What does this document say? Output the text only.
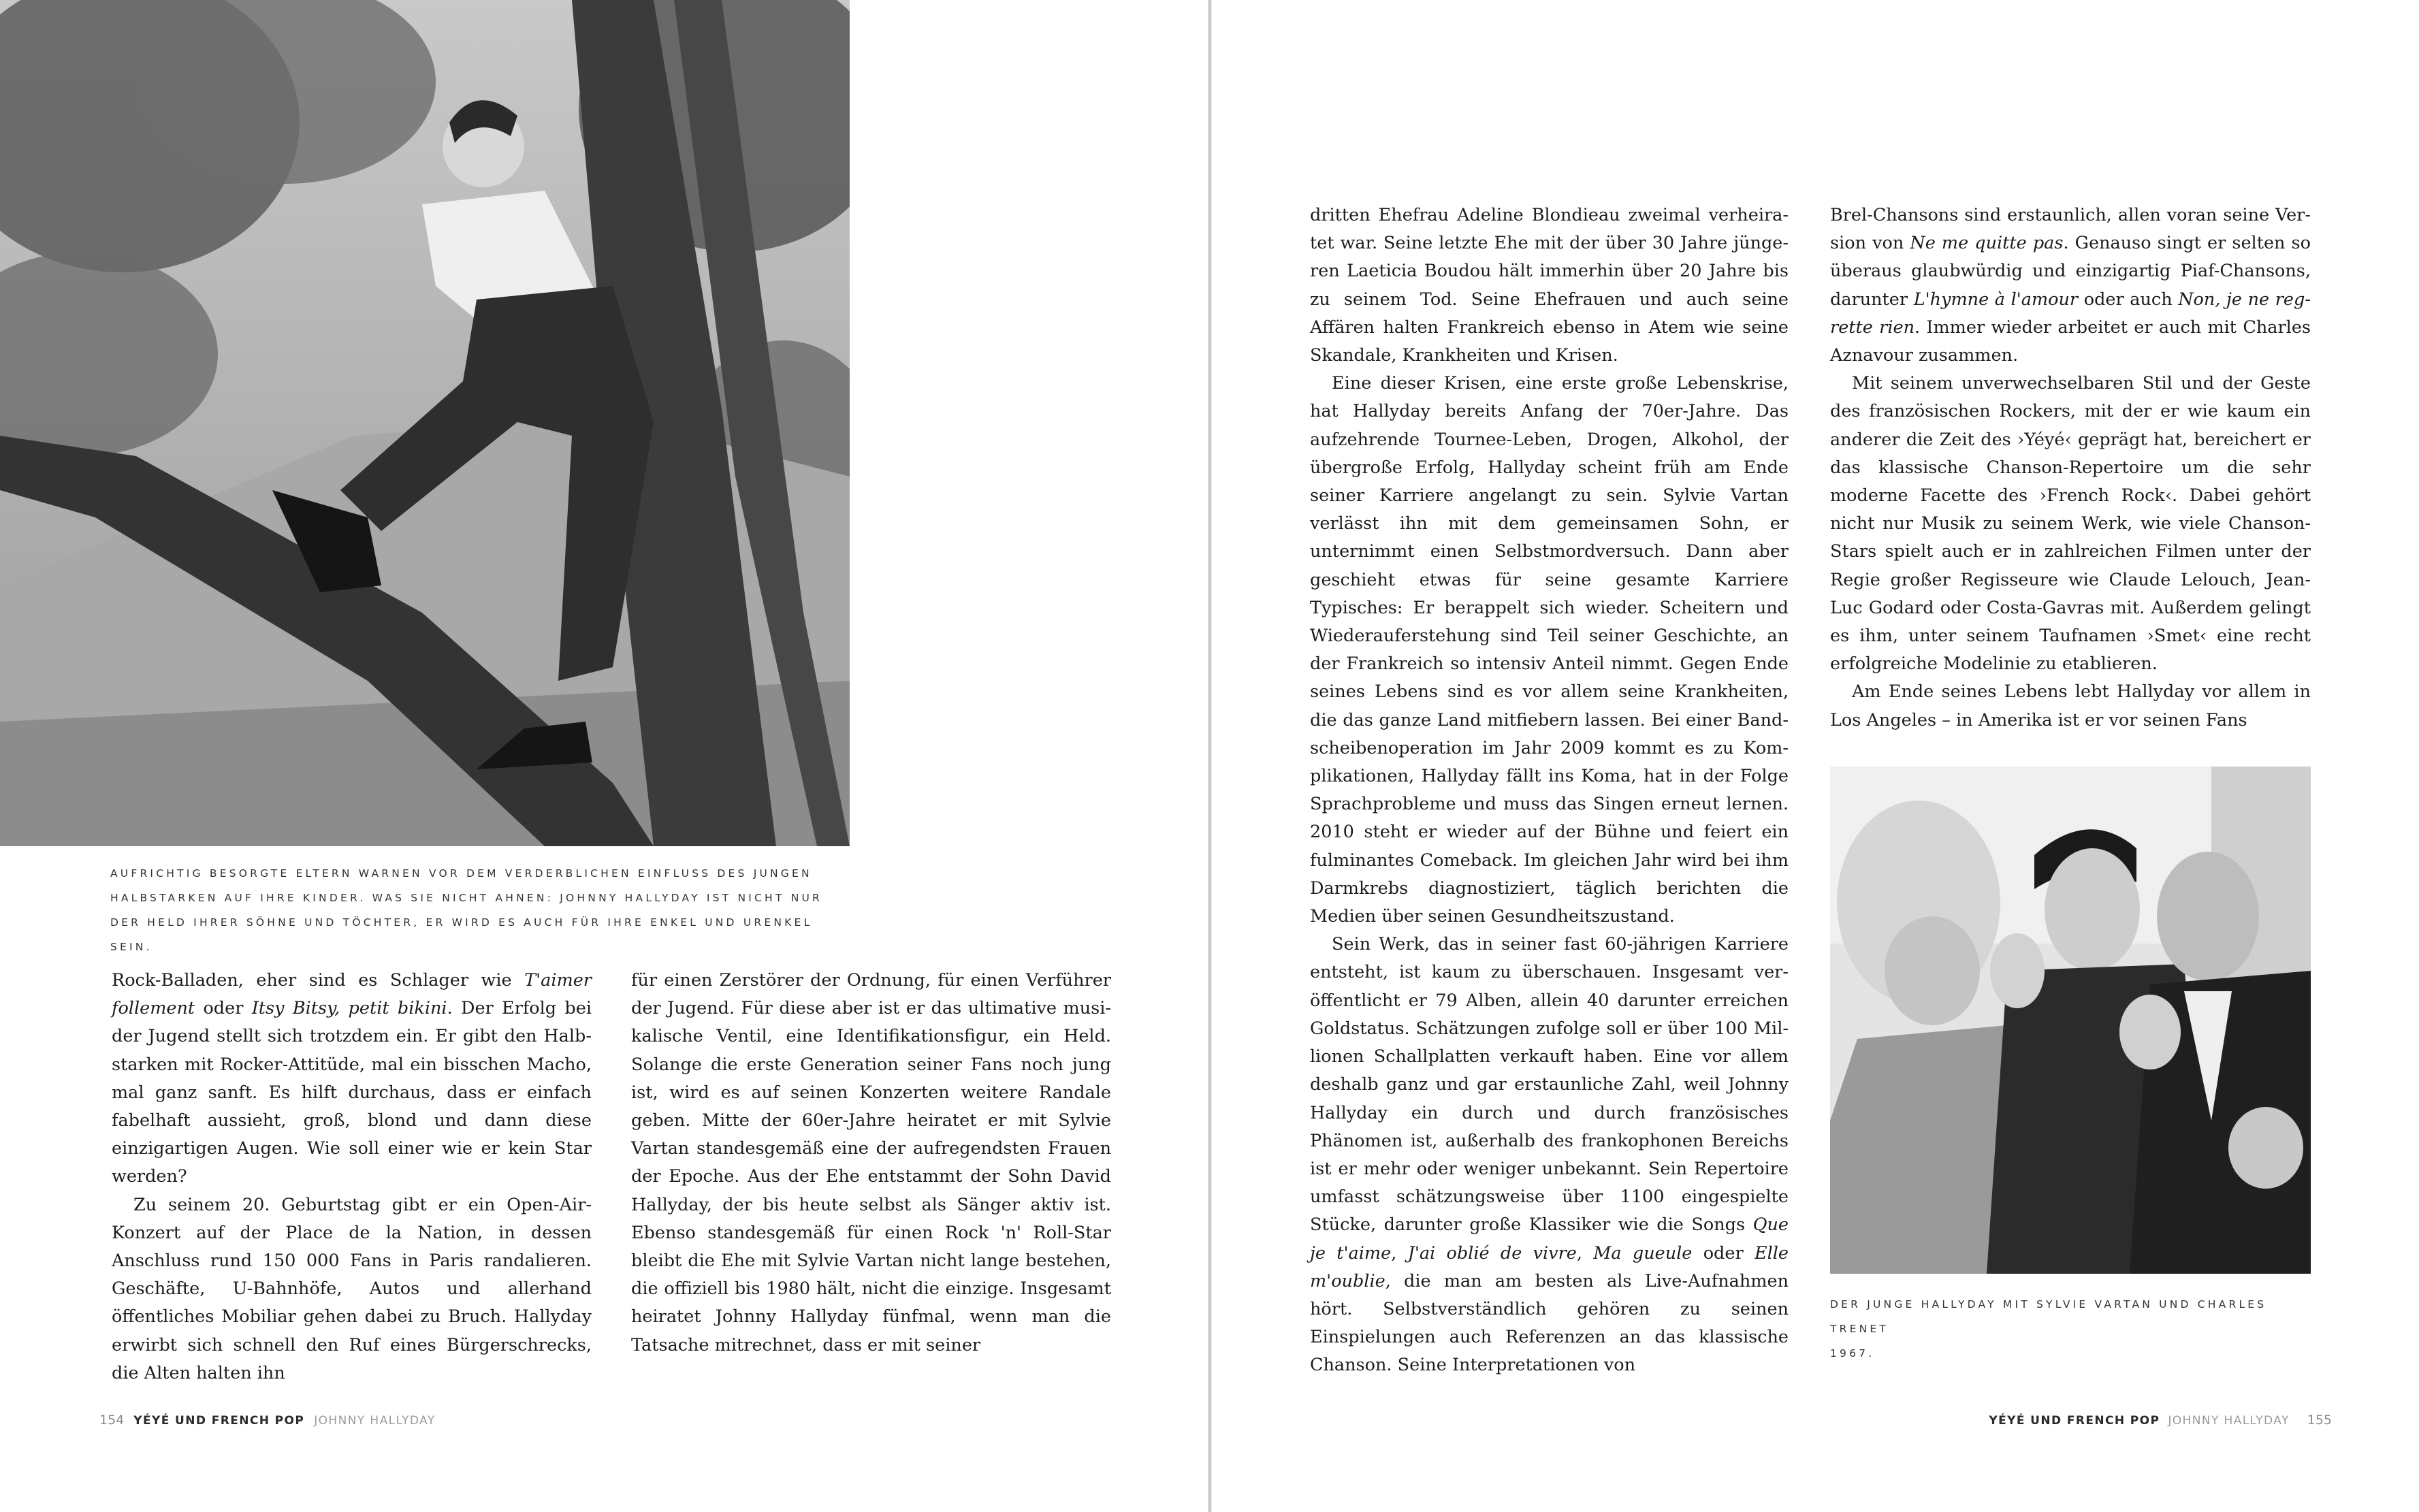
AUFRICHTIG BESORGTE ELTERN WARNEN VOR DEM VERDERBLICHEN EINFLUSS DES JUNGEN HALBSTARKEN AUF IHRE KINDER. WAS SIE NICHT AHNEN: JOHNNY HALLYDAY IST NICHT NUR DER HELD IHRER SÖHNE UND TÖCHTER, ER WIRD ES AUCH FÜR IHRE ENKEL UND URENKEL SEIN.

Rock-Balladen, eher sind es Schlager wie T'aimer follement oder Itsy Bitsy, petit bikini. Der Erfolg bei der Jugend stellt sich trotzdem ein. Er gibt den Halbstarken mit Rocker-Attitüde, mal ein bisschen Macho, mal ganz sanft. Es hilft durchaus, dass er einfach fabelhaft aussieht, groß, blond und dann diese einzigartigen Augen. Wie soll einer wie er kein Star werden?

Zu seinem 20. Geburtstag gibt er ein Open-Air-Konzert auf der Place de la Nation, in dessen Anschluss rund 150 000 Fans in Paris randalieren. Geschäfte, U-Bahnhöfe, Autos und allerhand öffentliches Mobiliar gehen dabei zu Bruch. Hallyday erwirbt sich schnell den Ruf eines Bürgerschrecks, die Alten halten ihn

für einen Zerstörer der Ordnung, für einen Verführer der Jugend. Für diese aber ist er das ultimative musikalische Ventil, eine Identifikationsfigur, ein Held. Solange die erste Generation seiner Fans noch jung ist, wird es auf seinen Konzerten weitere Randale geben. Mitte der 60er-Jahre heiratet er mit Sylvie Vartan standesgemäß eine der aufregendsten Frauen der Epoche. Aus der Ehe entstammt der Sohn David Hallyday, der bis heute selbst als Sänger aktiv ist. Ebenso standesgemäß für einen Rock 'n' Roll-Star bleibt die Ehe mit Sylvie Vartan nicht lange bestehen, die offiziell bis 1980 hält, nicht die einzige. Insgesamt heiratet Johnny Hallyday fünfmal, wenn man die Tatsache mitrechnet, dass er mit seiner

154 YÉYÉ UND FRENCH POP JOHNNY HALLYDAY

dritten Ehefrau Adeline Blondieau zweimal verheiratet war. Seine letzte Ehe mit der über 30 Jahre jüngeren Laeticia Boudou hält immerhin über 20 Jahre bis zu seinem Tod. Seine Ehefrauen und auch seine Affären halten Frankreich ebenso in Atem wie seine Skandale, Krankheiten und Krisen.

Eine dieser Krisen, eine erste große Lebenskrise, hat Hallyday bereits Anfang der 70er-Jahre. Das aufzehrende Tournee-Leben, Drogen, Alkohol, der übergroße Erfolg, Hallyday scheint früh am Ende seiner Karriere angelangt zu sein. Sylvie Vartan verlässt ihn mit dem gemeinsamen Sohn, er unternimmt einen Selbstmordversuch. Dann aber geschieht etwas für seine gesamte Karriere Typisches: Er berappelt sich wieder. Scheitern und Wiederauferstehung sind Teil seiner Geschichte, an der Frankreich so intensiv Anteil nimmt. Gegen Ende seines Lebens sind es vor allem seine Krankheiten, die das ganze Land mitfiebern lassen. Bei einer Bandscheibenoperation im Jahr 2009 kommt es zu Komplikationen, Hallyday fällt ins Koma, hat in der Folge Sprachprobleme und muss das Singen erneut lernen. 2010 steht er wieder auf der Bühne und feiert ein fulminantes Comeback. Im gleichen Jahr wird bei ihm Darmkrebs diagnostiziert, täglich berichten die Medien über seinen Gesundheitszustand.

Sein Werk, das in seiner fast 60-jährigen Karriere entsteht, ist kaum zu überschauen. Insgesamt veröffentlicht er 79 Alben, allein 40 darunter erreichen Goldstatus. Schätzungen zufolge soll er über 100 Millionen Schallplatten verkauft haben. Eine vor allem deshalb ganz und gar erstaunliche Zahl, weil Johnny Hallyday ein durch und durch französisches Phänomen ist, außerhalb des frankophonen Bereichs ist er mehr oder weniger unbekannt. Sein Repertoire umfasst schätzungsweise über 1100 eingespielte Stücke, darunter große Klassiker wie die Songs Que je t'aime, J'ai oblié de vivre, Ma gueule oder Elle m'oublie, die man am besten als Live-Aufnahmen hört. Selbstverständlich gehören zu seinen Einspielungen auch Referenzen an das klassische Chanson. Seine Interpretationen von

Brel-Chansons sind erstaunlich, allen voran seine Version von Ne me quitte pas. Genauso singt er selten so überaus glaubwürdig und einzigartig Piaf-Chansons, darunter L'hymne à l'amour oder auch Non, je ne regrette rien. Immer wieder arbeitet er auch mit Charles Aznavour zusammen.

Mit seinem unverwechselbaren Stil und der Geste des französischen Rockers, mit der er wie kaum ein anderer die Zeit des ›Yéyé‹ geprägt hat, bereichert er das klassische Chanson-Repertoire um die sehr moderne Facette des ›French Rock‹. Dabei gehört nicht nur Musik zu seinem Werk, wie viele Chanson-Stars spielt auch er in zahlreichen Filmen unter der Regie großer Regisseure wie Claude Lelouch, Jean-Luc Godard oder Costa-Gavras mit. Außerdem gelingt es ihm, unter seinem Taufnamen ›Smet‹ eine recht erfolgreiche Modelinie zu etablieren.

Am Ende seines Lebens lebt Hallyday vor allem in Los Angeles – in Amerika ist er vor seinen Fans

DER JUNGE HALLYDAY MIT SYLVIE VARTAN UND CHARLES TRENET
1967.
YÉYÉ UND FRENCH POP JOHNNY HALLYDAY 155
